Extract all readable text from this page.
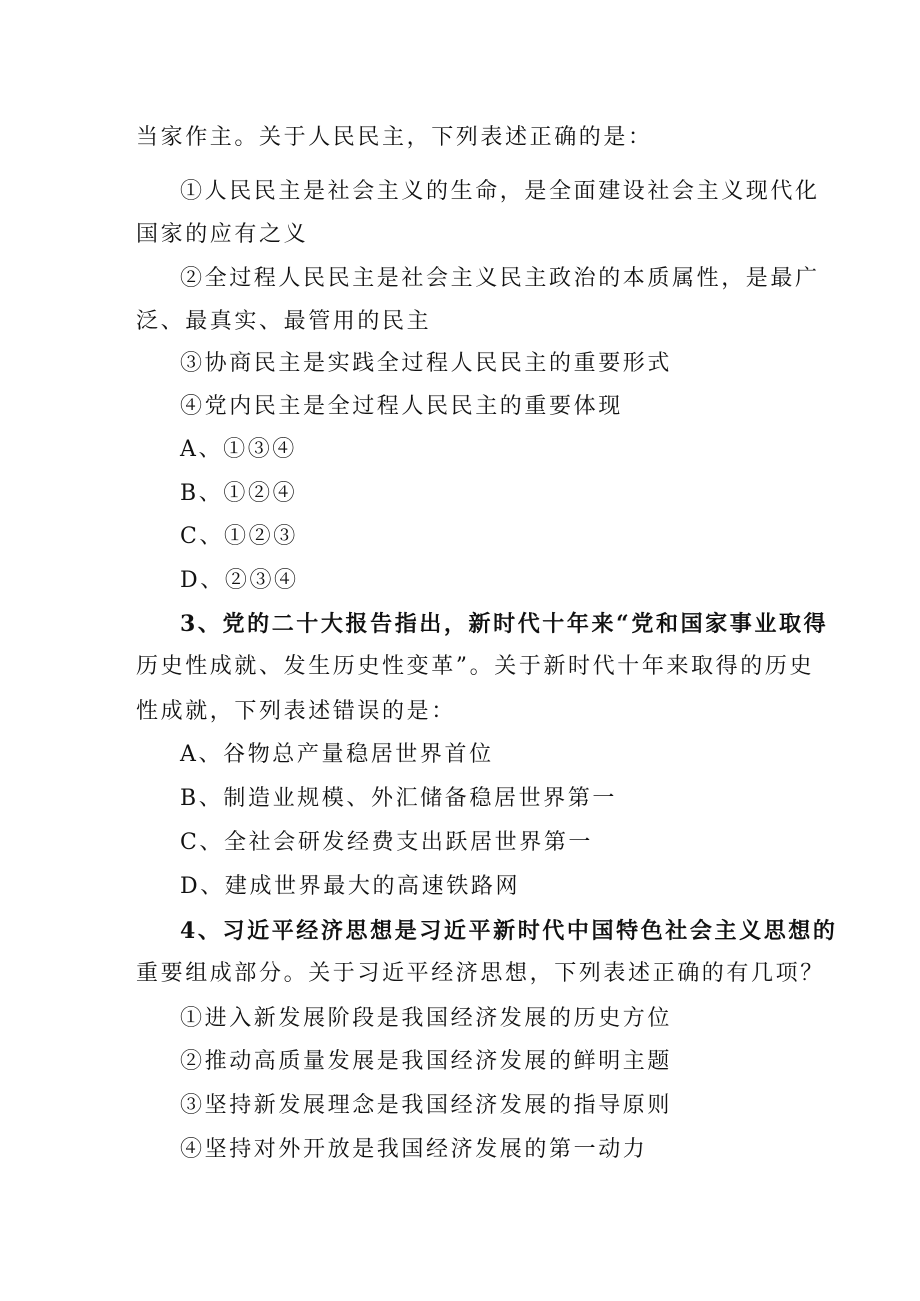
当家作主。关于人民民主，下列表述正确的是：
①人民民主是社会主义的生命，是全面建设社会主义现代化
国家的应有之义
②全过程人民民主是社会主义民主政治的本质属性，是最广
泛、最真实、最管用的民主
③协商民主是实践全过程人民民主的重要形式
④党内民主是全过程人民民主的重要体现
A、①③④
B、①②④
C、①②③
D、②③④
3、党的二十大报告指出，新时代十年来“党和国家事业取得
历史性成就、发生历史性变革”。关于新时代十年来取得的历史
性成就，下列表述错误的是：
A、谷物总产量稳居世界首位
B、制造业规模、外汇储备稳居世界第一
C、全社会研发经费支出跃居世界第一
D、建成世界最大的高速铁路网
4、习近平经济思想是习近平新时代中国特色社会主义思想的
重要组成部分。关于习近平经济思想，下列表述正确的有几项？
①进入新发展阶段是我国经济发展的历史方位
②推动高质量发展是我国经济发展的鲜明主题
③坚持新发展理念是我国经济发展的指导原则
④坚持对外开放是我国经济发展的第一动力
